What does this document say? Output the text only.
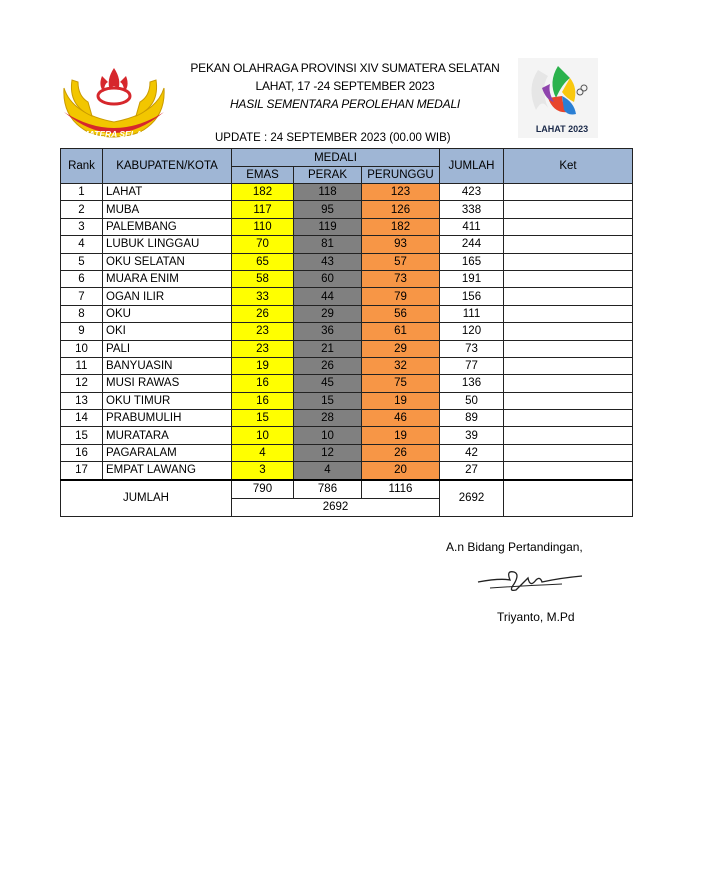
SUMATERA SELATAN	LAHAT 2023
PEKAN OLAHRAGA PROVINSI XIV SUMATERA SELATAN
LAHAT, 17 -24 SEPTEMBER 2023
HASIL SEMENTARA PEROLEHAN MEDALI
UPDATE : 24 SEPTEMBER 2023 (00.00 WIB)
Rank	KABUPATEN/KOTA	MEDALI			JUMLAH	Ket
		EMAS	PERAK	PERUNGGU		
1	LAHAT	182	118	123	423	
2	MUBA	117	95	126	338	
3	PALEMBANG	110	119	182	411	
4	LUBUK LINGGAU	70	81	93	244	
5	OKU SELATAN	65	43	57	165	
6	MUARA ENIM	58	60	73	191	
7	OGAN ILIR	33	44	79	156	
8	OKU	26	29	56	111	
9	OKI	23	36	61	120	
10	PALI	23	21	29	73	
11	BANYUASIN	19	26	32	77	
12	MUSI RAWAS	16	45	75	136	
13	OKU TIMUR	16	15	19	50	
14	PRABUMULIH	15	28	46	89	
15	MURATARA	10	10	19	39	
16	PAGARALAM	4	12	26	42	
17	EMPAT LAWANG	3	4	20	27	
JUMLAH		790	786	1116	2692	
		2692				
A.n Bidang Pertandingan,
Triyanto, M.Pd
